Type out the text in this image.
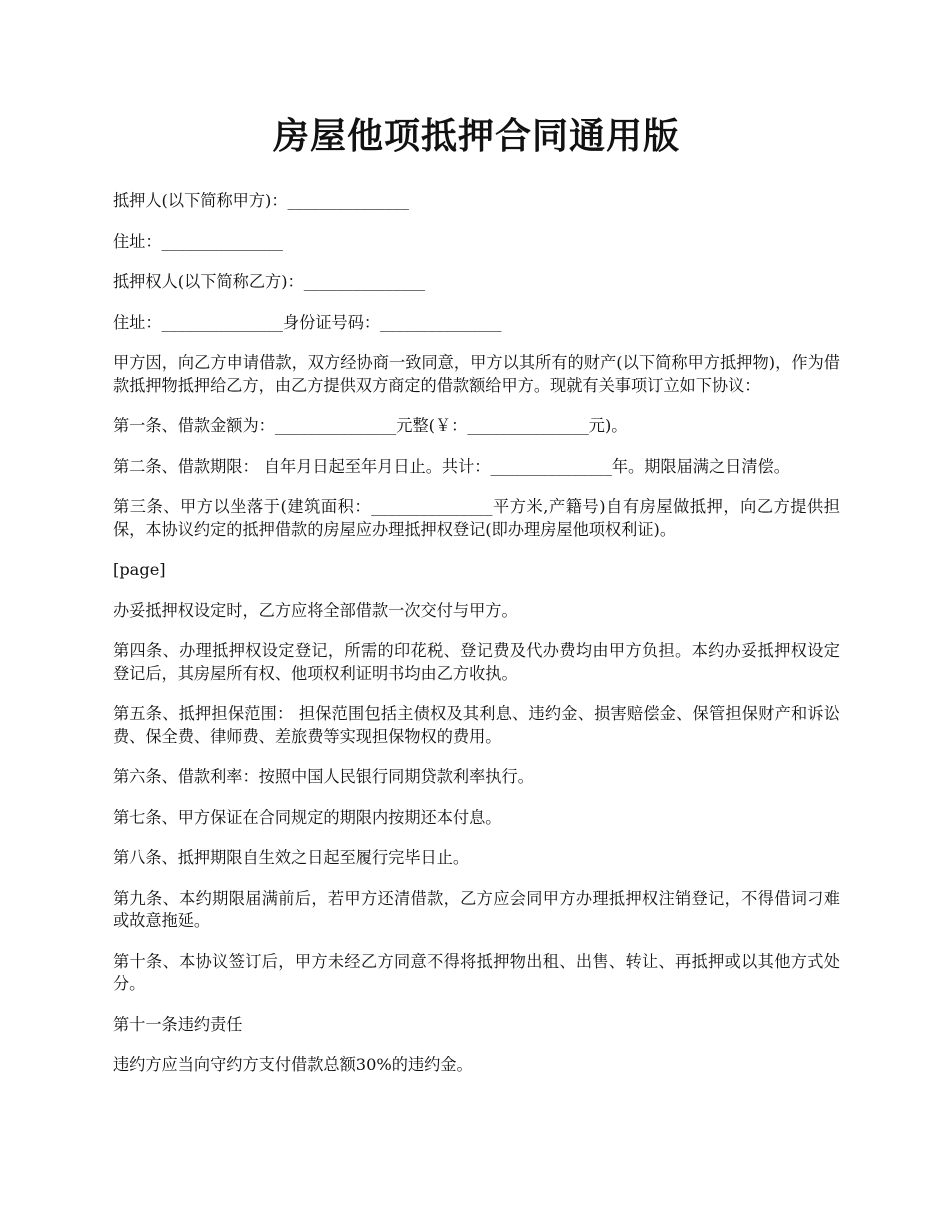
房屋他项抵押合同通用版

抵押人(以下简称甲方)：_______________

住址：_______________

抵押权人(以下简称乙方)：_______________

住址：_______________身份证号码：_______________

甲方因，向乙方申请借款，双方经协商一致同意，甲方以其所有的财产(以下简称甲方抵押物)，作为借款抵押物抵押给乙方，由乙方提供双方商定的借款额给甲方。现就有关事项订立如下协议：

第一条、借款金额为：_______________元整(￥：_______________元)。

第二条、借款期限： 自年月日起至年月日止。共计：_______________年。期限届满之日清偿。

第三条、甲方以坐落于(建筑面积：_______________平方米,产籍号)自有房屋做抵押，向乙方提供担保，本协议约定的抵押借款的房屋应办理抵押权登记(即办理房屋他项权利证)。

[page]

办妥抵押权设定时，乙方应将全部借款一次交付与甲方。

第四条、办理抵押权设定登记，所需的印花税、登记费及代办费均由甲方负担。本约办妥抵押权设定登记后，其房屋所有权、他项权利证明书均由乙方收执。

第五条、抵押担保范围： 担保范围包括主债权及其利息、违约金、损害赔偿金、保管担保财产和诉讼费、保全费、律师费、差旅费等实现担保物权的费用。

第六条、借款利率：按照中国人民银行同期贷款利率执行。

第七条、甲方保证在合同规定的期限内按期还本付息。

第八条、抵押期限自生效之日起至履行完毕日止。

第九条、本约期限届满前后，若甲方还清借款，乙方应会同甲方办理抵押权注销登记，不得借词刁难或故意拖延。

第十条、本协议签订后，甲方未经乙方同意不得将抵押物出租、出售、转让、再抵押或以其他方式处分。

第十一条违约责任

违约方应当向守约方支付借款总额30%的违约金。
